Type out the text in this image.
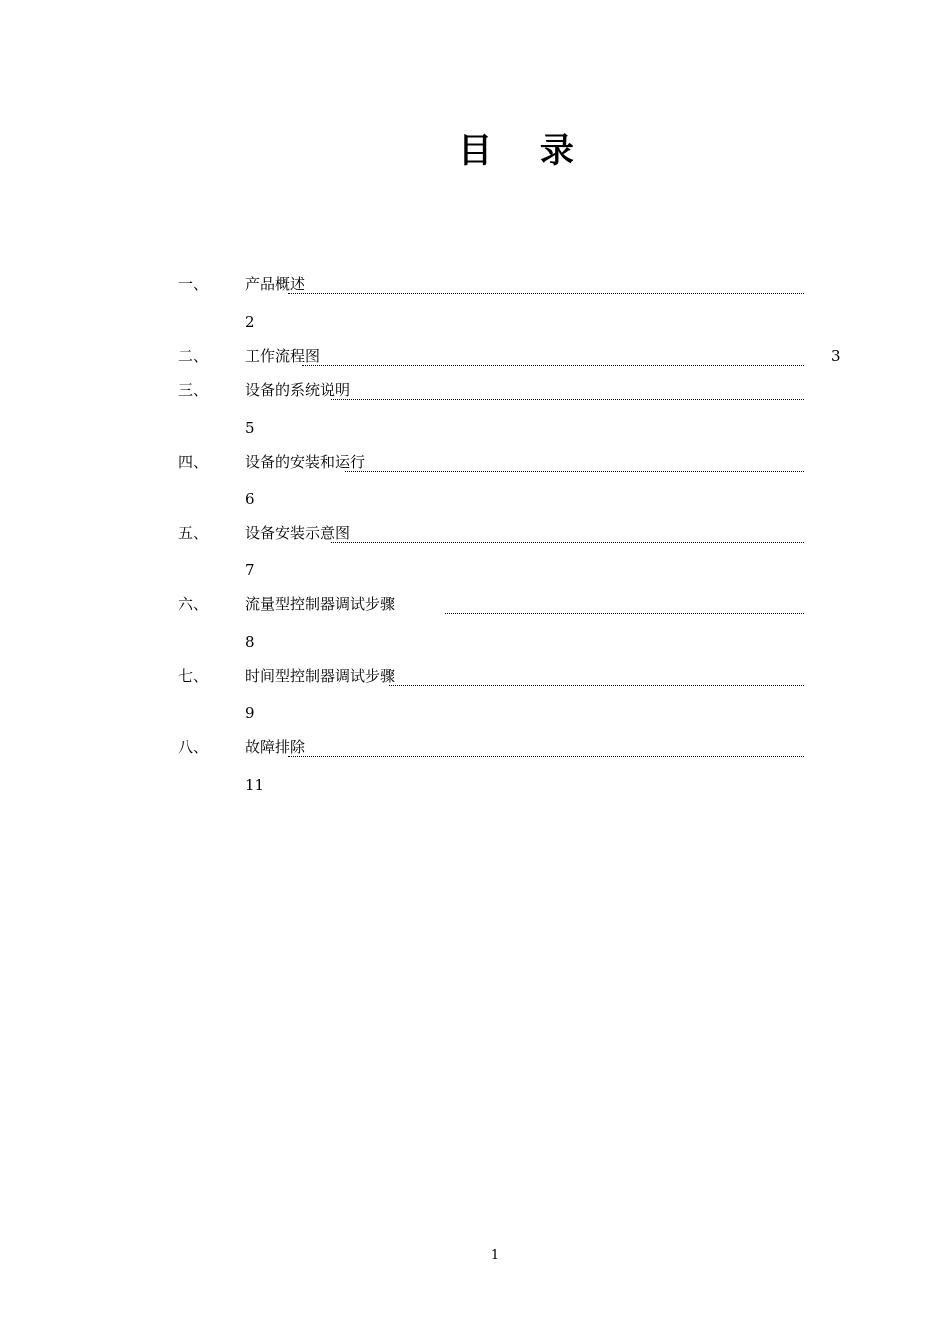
目 录
一、 产品概述
2
二、 工作流程图	3
三、 设备的系统说明
5
四、 设备的安装和运行
6
五、 设备安装示意图
7
六、 流量型控制器调试步骤
8
七、 时间型控制器调试步骤
9
八、 故障排除
11
1
